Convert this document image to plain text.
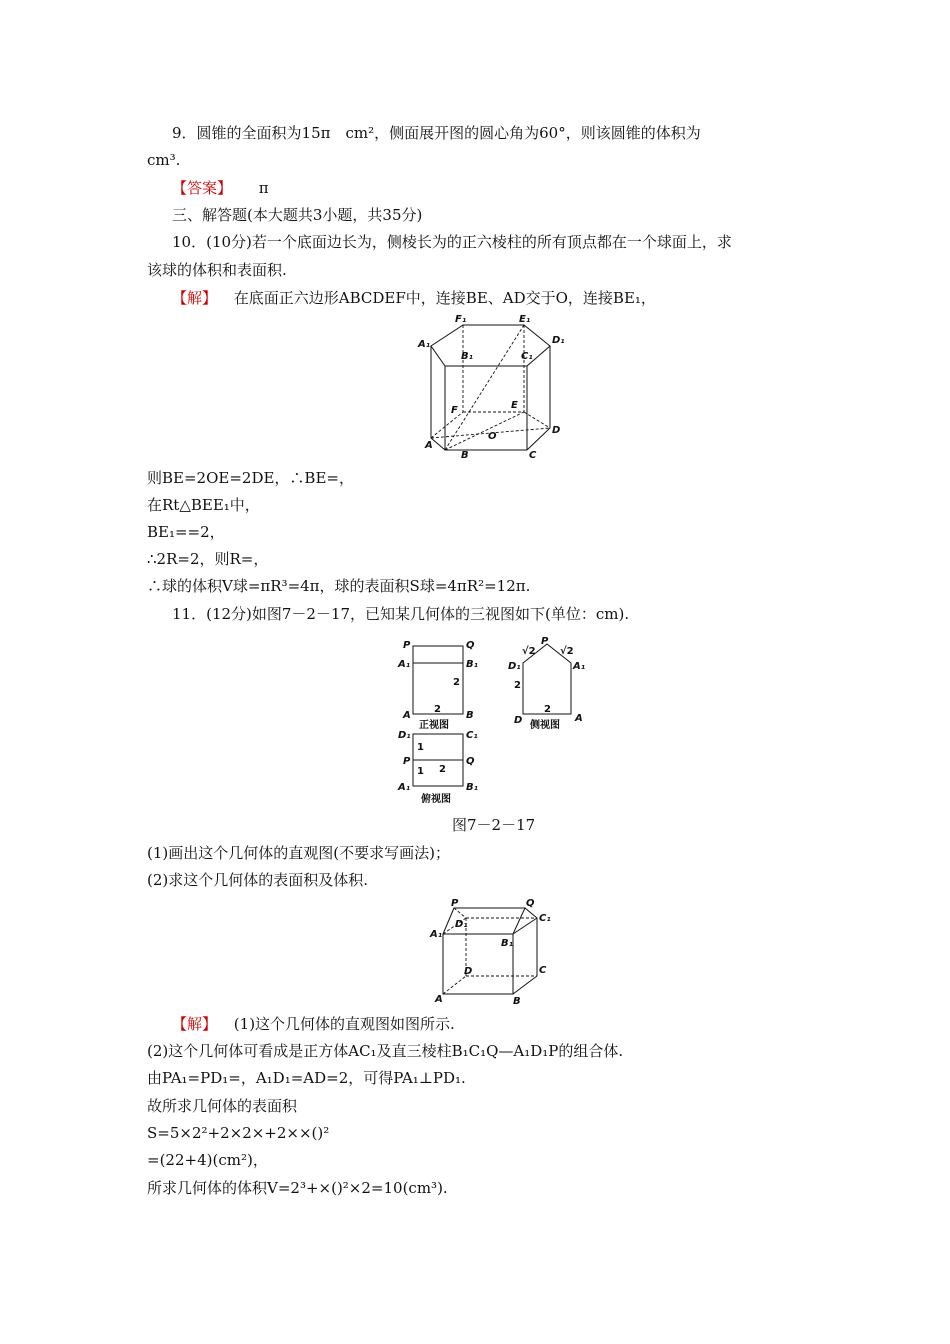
9．圆锥的全面积为15π　cm²，侧面展开图的圆心角为60°，则该圆锥的体积为
cm³.
【答案】 π
三、解答题(本大题共3小题，共35分)
10．(10分)若一个底面边长为，侧棱长为的正六棱柱的所有顶点都在一个球面上，求
该球的体积和表面积.
【解】 在底面正六边形ABCDEF中，连接BE、AD交于O，连接BE₁，
F₁	E₁
D₁
A₁
B₁	C₁
F	E
A
O
D
B	C
则BE=2OE=2DE，∴BE=，
在Rt△BEE₁中，
BE₁==2，
∴2R=2，则R=，
∴球的体积V球=πR³=4π，球的表面积S球=4πR²=12π.
11．(12分)如图7－2－17，已知某几何体的三视图如下(单位：cm).
P	Q
A₁	B₁
2
2
A	B
正视图
P
√2 √2
D₁	A₁
2
2
D	A
侧视图
D₁	C₁
1
P	Q
1 2
A₁	B₁
俯视图
图7－2－17
(1)画出这个几何体的直观图(不要求写画法)；
(2)求这个几何体的表面积及体积.
P	Q
D₁
C₁
A₁
B₁
D	C
A	B
【解】 (1)这个几何体的直观图如图所示.
(2)这个几何体可看成是正方体AC₁及直三棱柱B₁C₁Q—A₁D₁P的组合体.
由PA₁=PD₁=，A₁D₁=AD=2，可得PA₁⊥PD₁.
故所求几何体的表面积
S=5×2²+2×2×+2××()²
=(22+4)(cm²)，
所求几何体的体积V=2³+×()²×2=10(cm³).
